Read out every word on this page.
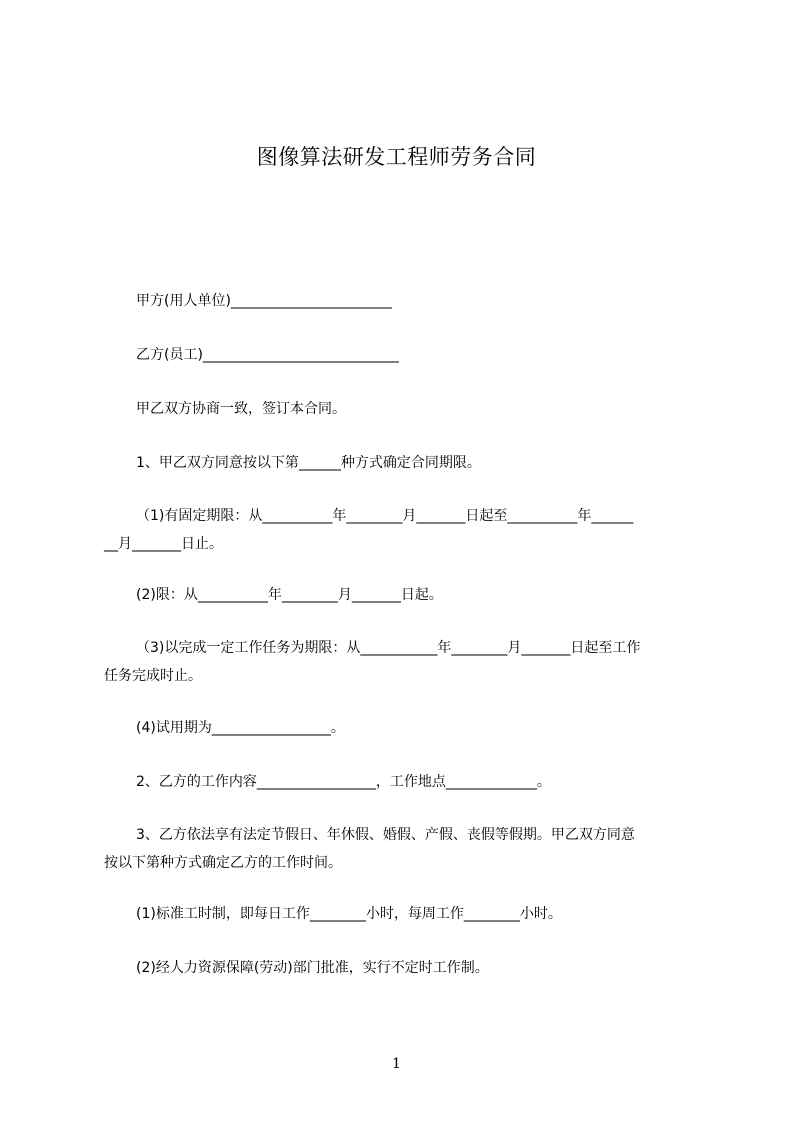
图像算法研发工程师劳务合同
甲方(用人单位)_______________________
乙方(员工)____________________________
甲乙双方协商一致，签订本合同。
1、甲乙双方同意按以下第______种方式确定合同期限。
（1)有固定期限：从__________年________月_______日起至__________年______
__月_______日止。
(2)限：从__________年________月_______日起。
（3)以完成一定工作任务为期限：从___________年________月_______日起至工作
任务完成时止。
(4)试用期为_________________。
2、乙方的工作内容_________________，工作地点_____________。
3、乙方依法享有法定节假日、年休假、婚假、产假、丧假等假期。甲乙双方同意
按以下第种方式确定乙方的工作时间。
(1)标准工时制，即每日工作________小时，每周工作________小时。
(2)经人力资源保障(劳动)部门批准，实行不定时工作制。
1
